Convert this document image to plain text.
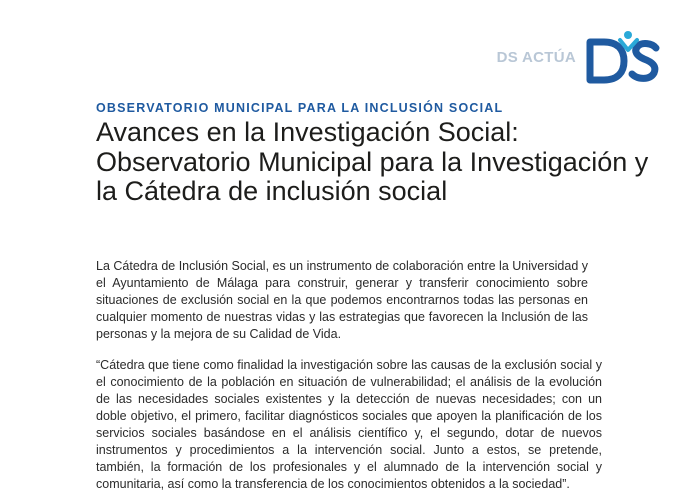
DS ACTÚA
OBSERVATORIO MUNICIPAL PARA LA INCLUSIÓN SOCIAL
Avances en la Investigación Social: Observatorio Municipal para la Investigación y la Cátedra de inclusión social

La Cátedra de Inclusión Social, es un instrumento de colaboración entre la Universidad y el Ayuntamiento de Málaga para construir, generar y transferir conocimiento sobre situaciones de exclusión social en la que podemos encontrarnos todas las personas en cualquier momento de nuestras vidas y las estrategias que favorecen la Inclusión de las personas y la mejora de su Calidad de Vida.

“Cátedra que tiene como finalidad la investigación sobre las causas de la exclusión social y el conocimiento de la población en situación de vulnerabilidad; el análisis de la evolución de las necesidades sociales existentes y la detección de nuevas necesidades; con un doble objetivo, el primero, facilitar diagnósticos sociales que apoyen la planificación de los servicios sociales basándose en el análisis científico y, el segundo, dotar de nuevos instrumentos y procedimientos a la intervención social. Junto a estos, se pretende, también, la formación de los profesionales y el alumnado de la intervención social y comunitaria, así como la transferencia de los conocimientos obtenidos a la sociedad”.
